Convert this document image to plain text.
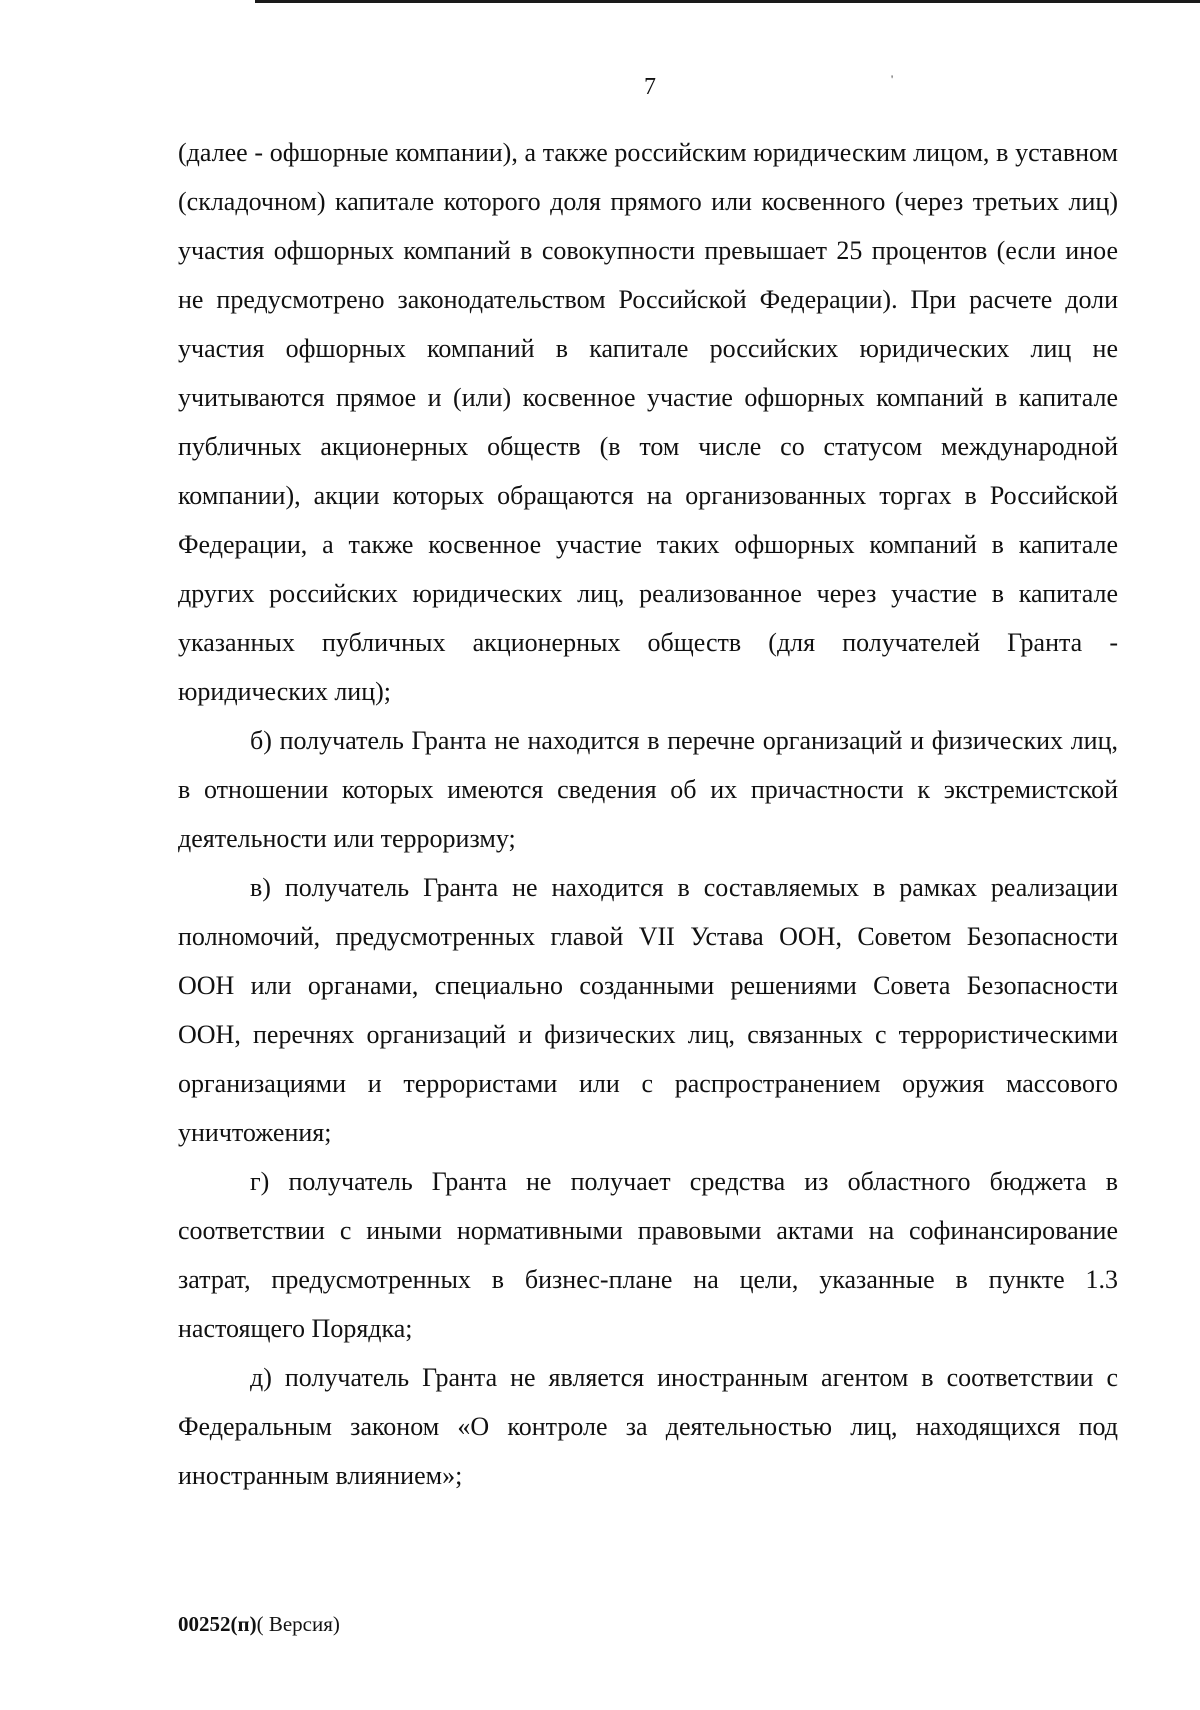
7	'

(далее - офшорные компании), а также российским юридическим лицом, в уставном (складочном) капитале которого доля прямого или косвенного (через третьих лиц) участия офшорных компаний в совокупности превышает 25 процентов (если иное не предусмотрено законодательством Российской Федерации). При расчете доли участия офшорных компаний в капитале российских юридических лиц не учитываются прямое и (или) косвенное участие офшорных компаний в капитале публичных акционерных обществ (в том числе со статусом международной компании), акции которых обращаются на организованных торгах в Российской Федерации, а также косвенное участие таких офшорных компаний в капитале других российских юридических лиц, реализованное через участие в капитале указанных публичных акционерных обществ (для получателей Гранта - юридических лиц);

б) получатель Гранта не находится в перечне организаций и физических лиц, в отношении которых имеются сведения об их причастности к экстремистской деятельности или терроризму;

в) получатель Гранта не находится в составляемых в рамках реализации полномочий, предусмотренных главой VII Устава ООН, Советом Безопасности ООН или органами, специально созданными решениями Совета Безопасности ООН, перечнях организаций и физических лиц, связанных с террористическими организациями и террористами или с распространением оружия массового уничтожения;

г) получатель Гранта не получает средства из областного бюджета в соответствии с иными нормативными правовыми актами на софинансирование затрат, предусмотренных в бизнес-плане на цели, указанные в пункте 1.3 настоящего Порядка;

д) получатель Гранта не является иностранным агентом в соответствии с Федеральным законом «О контроле за деятельностью лиц, находящихся под иностранным влиянием»;

00252(п)( Версия)
